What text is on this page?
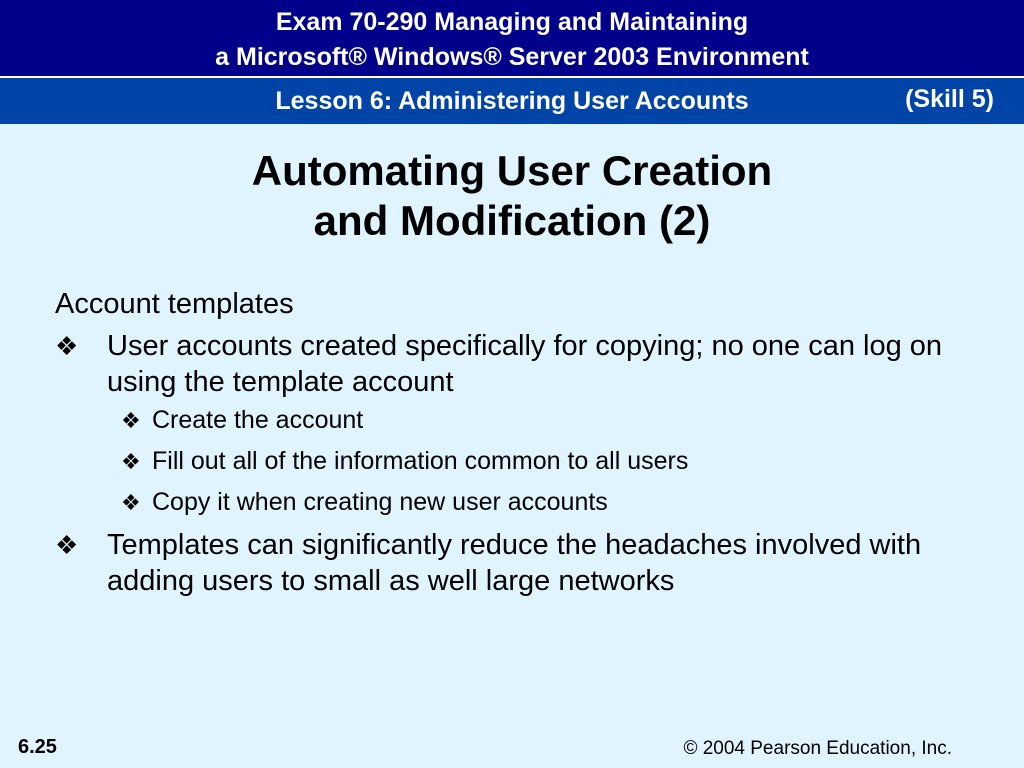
Exam 70-290 Managing and Maintaining
a Microsoft® Windows® Server 2003 Environment
Lesson 6: Administering User Accounts	(Skill 5)
Automating User Creation
and Modification (2)
Account templates
❖ User accounts created specifically for copying; no one can log on using the template account
❖ Create the account
❖ Fill out all of the information common to all users
❖ Copy it when creating new user accounts
❖ Templates can significantly reduce the headaches involved with adding users to small as well large networks
6.25	© 2004 Pearson Education, Inc.
